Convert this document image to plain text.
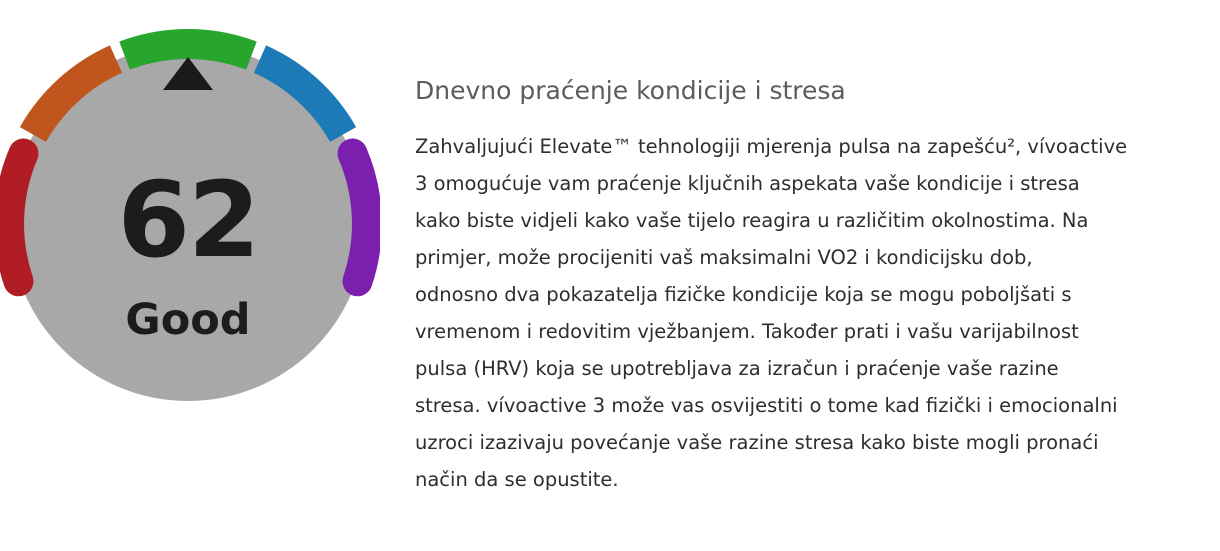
62
Good
Dnevno praćenje kondicije i stresa

Zahvaljujući Elevate™ tehnologiji mjerenja pulsa na zapešću², vívoactive
3 omogućuje vam praćenje ključnih aspekata vaše kondicije i stresa
kako biste vidjeli kako vaše tijelo reagira u različitim okolnostima. Na
primjer, može procijeniti vaš maksimalni VO2 i kondicijsku dob,
odnosno dva pokazatelja fizičke kondicije koja se mogu poboljšati s
vremenom i redovitim vježbanjem. Također prati i vašu varijabilnost
pulsa (HRV) koja se upotrebljava za izračun i praćenje vaše razine
stresa. vívoactive 3 može vas osvijestiti o tome kad fizički i emocionalni
uzroci izazivaju povećanje vaše razine stresa kako biste mogli pronaći
način da se opustite.
